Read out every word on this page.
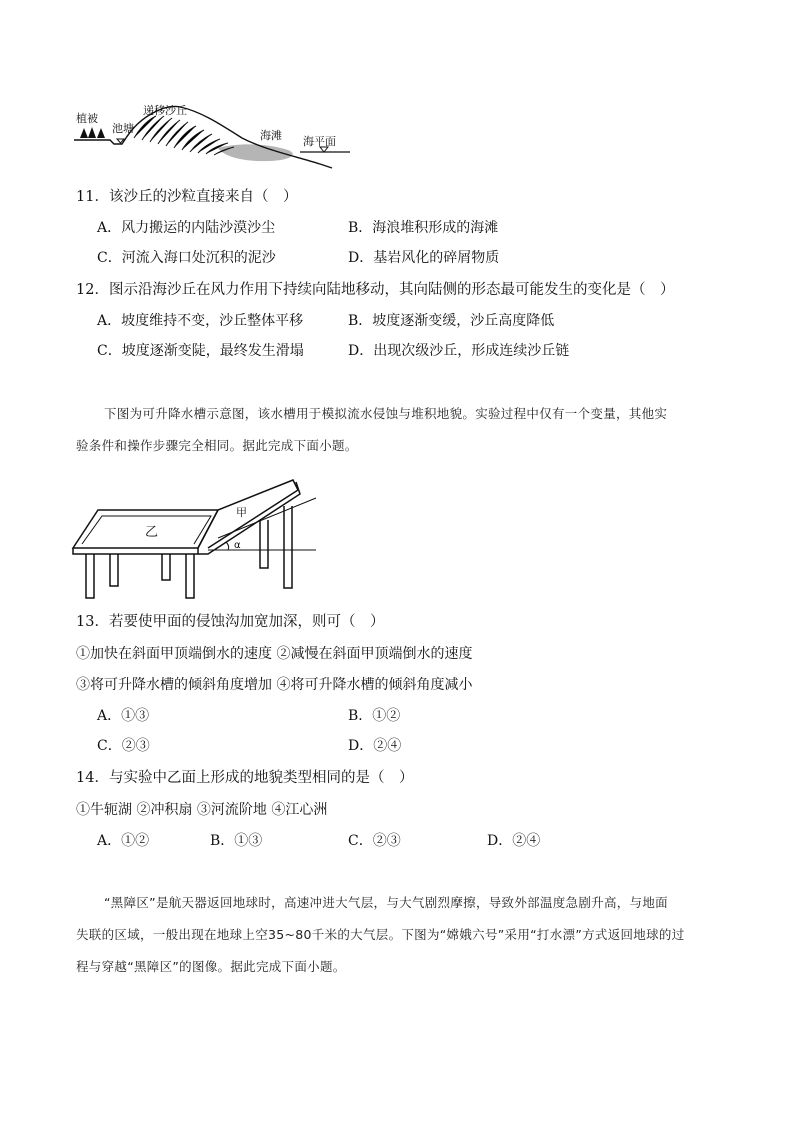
植被
池塘
递移沙丘
海滩 海平面
11．该沙丘的沙粒直接来自（　）
A．风力搬运的内陆沙漠沙尘	B．海浪堆积形成的海滩
C．河流入海口处沉积的泥沙	D．基岩风化的碎屑物质
12．图示沿海沙丘在风力作用下持续向陆地移动，其向陆侧的形态最可能发生的变化是（　）
A．坡度维持不变，沙丘整体平移	B．坡度逐渐变缓，沙丘高度降低
C．坡度逐渐变陡，最终发生滑塌	D．出现次级沙丘，形成连续沙丘链
下图为可升降水槽示意图，该水槽用于模拟流水侵蚀与堆积地貌。实验过程中仅有一个变量，其他实
验条件和操作步骤完全相同。据此完成下面小题。
乙
甲
α
13．若要使甲面的侵蚀沟加宽加深，则可（　）
①加快在斜面甲顶端倒水的速度 ②减慢在斜面甲顶端倒水的速度
③将可升降水槽的倾斜角度增加 ④将可升降水槽的倾斜角度减小
A．①③	B．①②
C．②③	D．②④
14．与实验中乙面上形成的地貌类型相同的是（　）
①牛轭湖 ②冲积扇 ③河流阶地 ④江心洲
A．①②	B．①③	C．②③	D．②④
“黑障区”是航天器返回地球时，高速冲进大气层，与大气剧烈摩擦，导致外部温度急剧升高，与地面
失联的区域，一般出现在地球上空35~80千米的大气层。下图为“嫦娥六号”采用“打水漂”方式返回地球的过
程与穿越“黑障区”的图像。据此完成下面小题。
